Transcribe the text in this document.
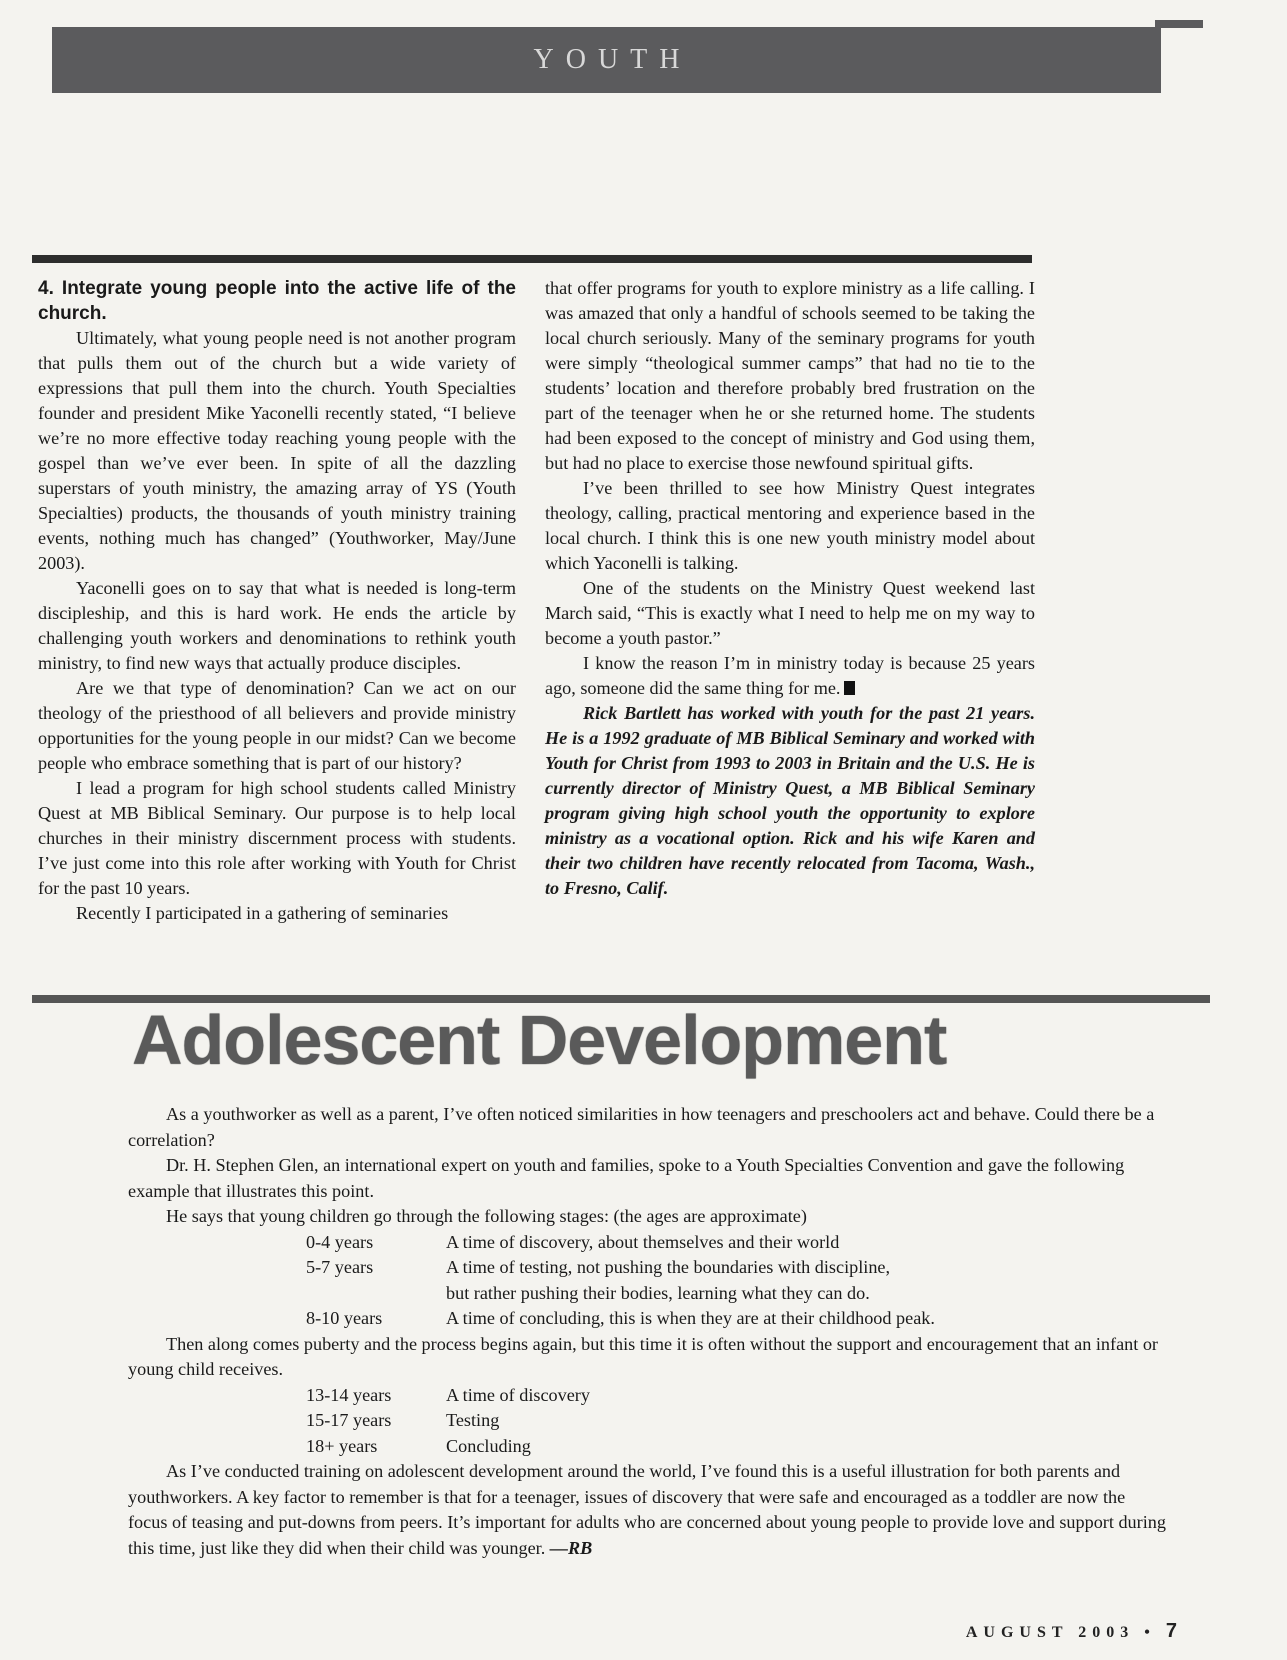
YOUTH

4. Integrate young people into the active life of the church.

Ultimately, what young people need is not another program that pulls them out of the church but a wide variety of expressions that pull them into the church. Youth Specialties founder and president Mike Yaconelli recently stated, “I believe we’re no more effective today reaching young people with the gospel than we’ve ever been. In spite of all the dazzling superstars of youth ministry, the amazing array of YS (Youth Specialties) products, the thousands of youth ministry training events, nothing much has changed” (Youthworker, May/June 2003).

Yaconelli goes on to say that what is needed is long-term discipleship, and this is hard work. He ends the article by challenging youth workers and denominations to rethink youth ministry, to find new ways that actually produce disciples.

Are we that type of denomination? Can we act on our theology of the priesthood of all believers and provide ministry opportunities for the young people in our midst? Can we become people who embrace something that is part of our history?

I lead a program for high school students called Ministry Quest at MB Biblical Seminary. Our purpose is to help local churches in their ministry discernment process with students. I’ve just come into this role after working with Youth for Christ for the past 10 years.

Recently I participated in a gathering of seminaries

that offer programs for youth to explore ministry as a life calling. I was amazed that only a handful of schools seemed to be taking the local church seriously. Many of the seminary programs for youth were simply “theological summer camps” that had no tie to the students’ location and therefore probably bred frustration on the part of the teenager when he or she returned home. The students had been exposed to the concept of ministry and God using them, but had no place to exercise those newfound spiritual gifts.

I’ve been thrilled to see how Ministry Quest integrates theology, calling, practical mentoring and experience based in the local church. I think this is one new youth ministry model about which Yaconelli is talking.

One of the students on the Ministry Quest weekend last March said, “This is exactly what I need to help me on my way to become a youth pastor.”

I know the reason I’m in ministry today is because 25 years ago, someone did the same thing for me.

Rick Bartlett has worked with youth for the past 21 years. He is a 1992 graduate of MB Biblical Seminary and worked with Youth for Christ from 1993 to 2003 in Britain and the U.S. He is currently director of Ministry Quest, a MB Biblical Seminary program giving high school youth the opportunity to explore ministry as a vocational option. Rick and his wife Karen and their two children have recently relocated from Tacoma, Wash., to Fresno, Calif.

Adolescent Development

As a youthworker as well as a parent, I’ve often noticed similarities in how teenagers and preschoolers act and behave. Could there be a correlation?

Dr. H. Stephen Glen, an international expert on youth and families, spoke to a Youth Specialties Convention and gave the following example that illustrates this point.

He says that young children go through the following stages: (the ages are approximate)

0-4 years	A time of discovery, about themselves and their world
5-7 years	A time of testing, not pushing the boundaries with discipline,
but rather pushing their bodies, learning what they can do.
8-10 years	A time of concluding, this is when they are at their childhood peak.

Then along comes puberty and the process begins again, but this time it is often without the support and encouragement that an infant or young child receives.

13-14 years	A time of discovery
15-17 years	Testing
18+ years	Concluding

As I’ve conducted training on adolescent development around the world, I’ve found this is a useful illustration for both parents and youthworkers. A key factor to remember is that for a teenager, issues of discovery that were safe and encouraged as a toddler are now the focus of teasing and put-downs from peers. It’s important for adults who are concerned about young people to provide love and support during this time, just like they did when their child was younger. —RB

AUGUST 2003 • 7
